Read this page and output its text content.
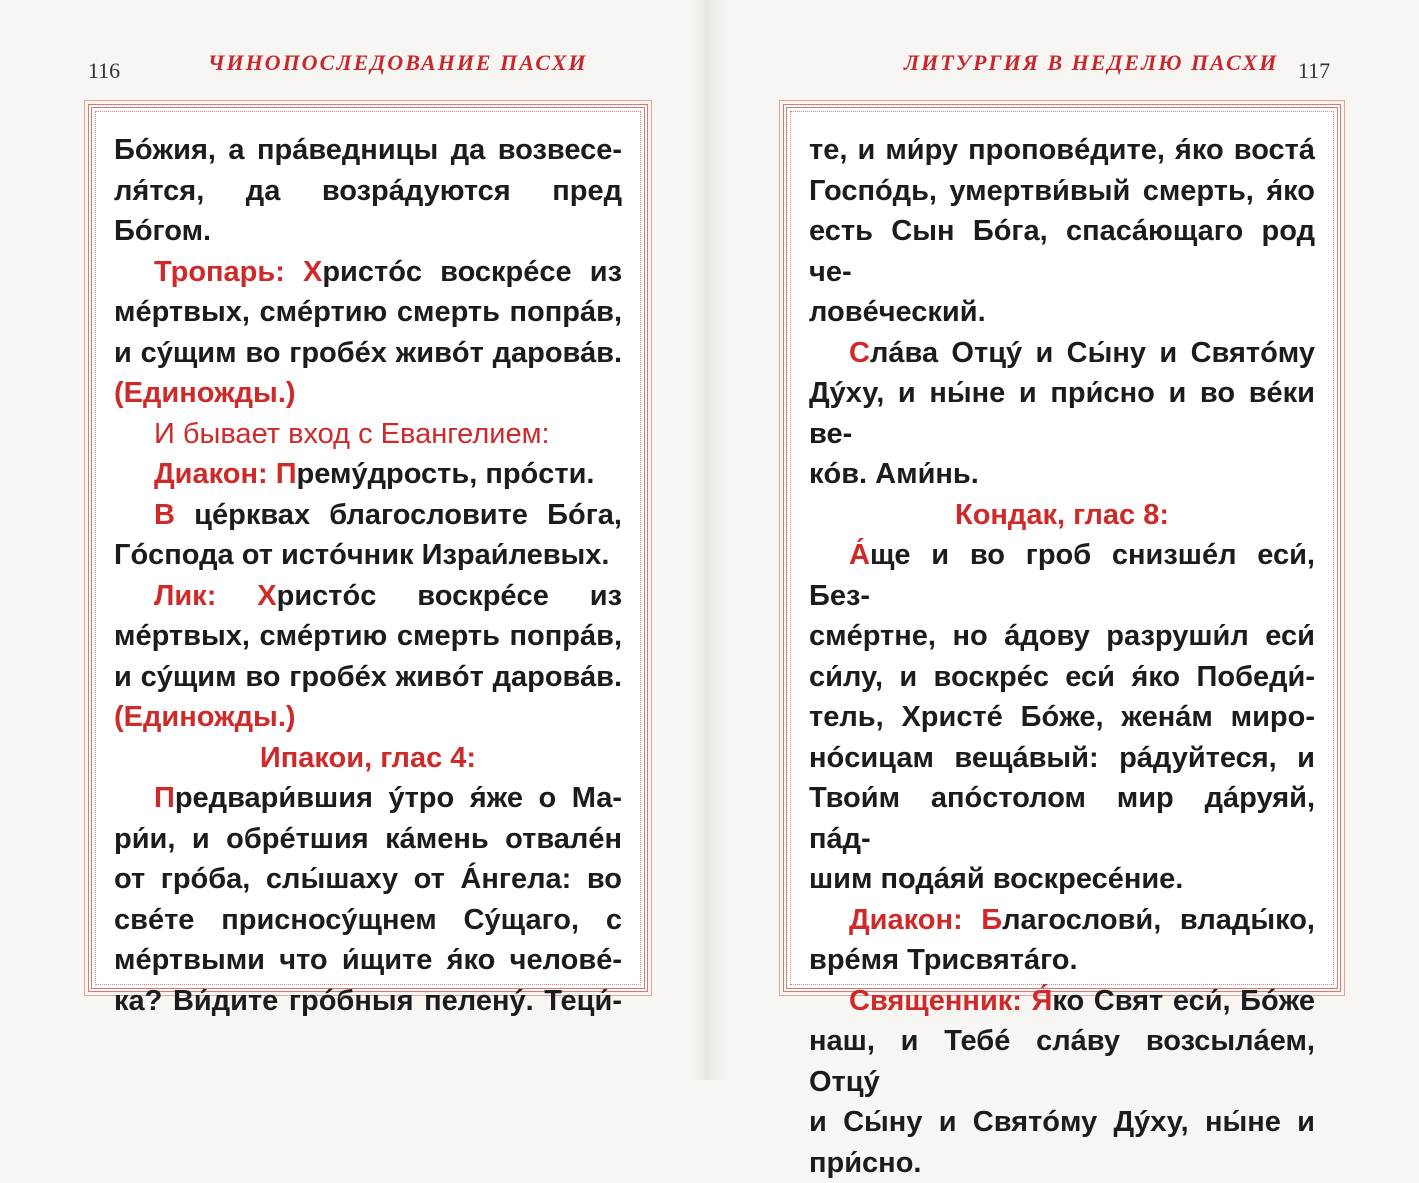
116	ЧИНОПОСЛЕДОВАНИЕ ПАСХИ

Бóжия, а прáведницы да возвесе-

ля́тся, да возрáдуются пред Бóгом.

Тропарь: Христóс воскрéсе из

мéртвых, смéртию смерть попрáв,

и сýщим во гробéх живóт дарова́в.

(Единожды.)

И бывает вход с Евангелием:

Диакон: Премýдрость, прóсти.

В цéрквах благословите Бóга,

Гóспода от истóчник Израи́левых.

Лик: Христóс воскрéсе из

мéртвых, смéртию смерть попрáв,

и сýщим во гробéх живóт дарова́в.

(Единожды.)

Ипакои, глас 4:

Предвари́вшия ýтро я́же о Ма-

ри́и, и обрéтшия кáмень отвалéн

от грóба, слы́шаху от Áнгела: во

свéте присносýщнем Сýщаго, с

мéртвыми что и́щите я́ко человé-

ка? Ви́дите грóбныя пеленý. Теци́-

ЛИТУРГИЯ В НЕДЕЛЮ ПАСХИ 117

те, и ми́ру проповéдите, я́ко востá

Госпóдь, умертви́вый смерть, я́ко

есть Сын Бóга, спасáющаго род че-

ловéческий.

Слáва Отцý и Сы́ну и Святóму

Дýху, и ны́не и при́сно и во вéки ве-

кóв. Ами́нь.

Кондак, глас 8:

А́ще и во гроб снизшéл еси́, Без-

смéртне, но áдову разруши́л еси́

си́лу, и воскрéс еси́ я́ко Победи́-

тель, Христé Бóже, женáм миро-

нóсицам вещáвый: рáдуйтеся, и

Твои́м апóстолом мир дáруяй, пáд-

шим подáяй воскресéние.

Диакон: Благослови́, влады́ко,

врéмя Трисвятáго.

Священник: Я́ко Свят еси́, Бóже

наш, и Тебé слáву возсылáем, Отцý

и Сы́ну и Святóму Дýху, ны́не и

при́сно.
